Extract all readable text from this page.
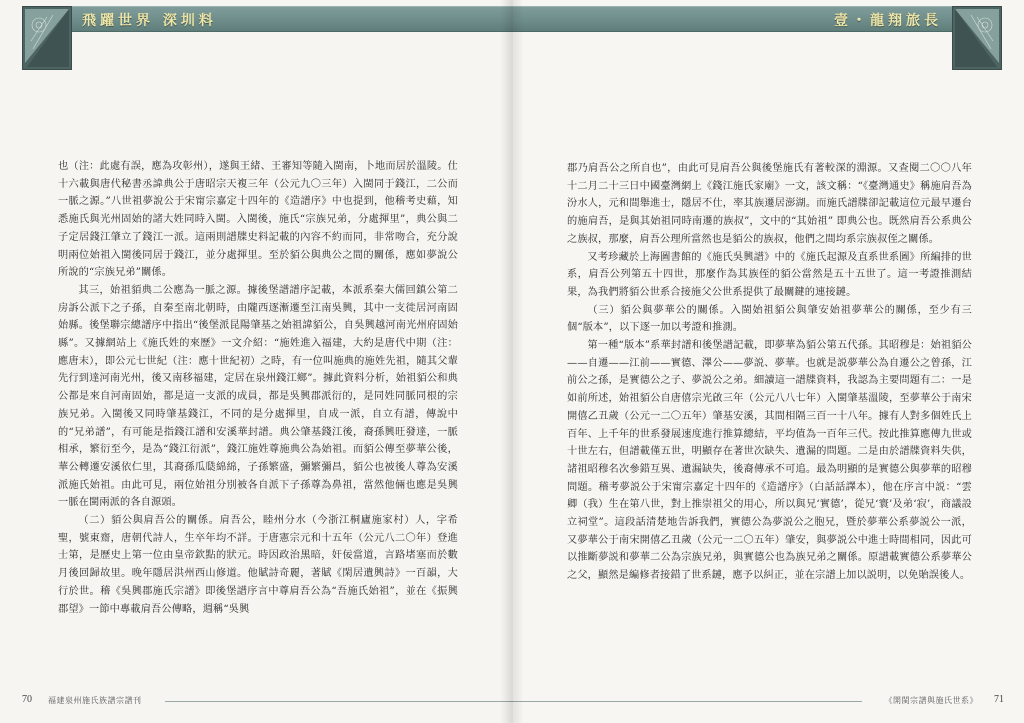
飛躍世界 深圳料

也（注：此處有誤，應為攻彰州），遂與王緒、王審知等隨入閩南，卜地而居於溫陵。仕十六載與唐代秘書丞諱典公于唐昭宗天複三年（公元九〇三年）入閩同于錢江，二公而一脈之源。”八世祖夢說公于宋甯宗嘉定十四年的《造譜序》中也提到，他稽考史藉，知悉施氏與光州固始的諸大姓同時入閩。入閩後，施氏“宗族兄弟，分處揮里”，典公與二子定居錢江肇立了錢江一派。這兩則譜牒史料記載的內容不約而同，非常吻合，充分說明兩位始祖入閩後同居于錢江，並分處揮里。至於貊公與典公之間的關係，應如夢說公所說的“宗族兄弟”關係。

其三，始祖貊典二公應為一脈之源。據後堡譜譜序記載，本派系秦大儒回鎮公第二房訴公派下之子孫，自秦至南北朝時，由隴西逐漸遷至江南吳興，其中一支徙居河南固始縣。後堡聯宗總譜序中指出“後堡派昆陽肇基之始祖諱貊公，自吳興越河南光州府固始縣”。又據網站上《施氏姓的來歷》一文介紹：“施姓進入福建，大約是唐代中期（注：應唐末），即公元七世紀（注：應十世紀初）之時，有一位叫施典的施姓先祖，隨其父輩先行到達河南光州，後又南移福建，定居在泉州錢江鄉”。據此資料分析，始祖貊公和典公都是來自河南固始，都是這一支派的成員，都是吳興郡派衍的，是同姓同脈同根的宗族兄弟。入閩後又同時肇基錢江，不同的是分處揮里，自成一派，自立有譜，傳說中的“兄弟譜”，有可能是指錢江譜和安溪華封譜。典公肇基錢江後，裔孫興旺發達，一脈相承，繁衍至今，是為“錢江衍派”，錢江施姓尊施典公為始祖。而貊公傳至夢華公後，華公轉遷安溪依仁里，其裔孫瓜瓞綿綿，子孫繁盛，彌繁彌昌，貊公也被後人尊為安溪派施氏始祖。由此可見，兩位始祖分別被各自派下子孫尊為鼻祖，當然他倆也應是吳興一脈在閩兩派的各自源頭。

（二）貊公與肩吾公的關係。肩吾公，睦州分水（今浙江桐廬施家村）人，字希聖，號東齋，唐朝代詩人，生卒年均不詳。于唐憲宗元和十五年（公元八二〇年）登進士第，是歷史上第一位由皇帝欽點的狀元。時因政治黑暗，奸佞當道，言路堵塞而於數月後回歸故里。晚年隱居洪州西山修道。他賦詩奇麗，著賦《閑居遺興詩》一百韻，大行於世。稽《吳興郡施氏宗譜》即後堡譜序言中尊肩吾公為“吾施氏始祖”，並在《振興郡望》一節中專載肩吾公傳略，週稱“吳興

70 福建泉州施氏族譜宗譜刊
壹・龍翔旅長

郡乃肩吾公之所自也”，由此可見肩吾公與後堡施氏有著較深的淵源。又查閱二〇〇八年十二月二十三日中國臺灣網上《錢江施氏家廟》一文，該文稱：“《臺灣通史》稱施肩吾為汾水人，元和間舉進士，隱居不仕，率其族遷居澎湖。而施氏譜牒卻記載這位元最早遷台的施肩吾，是與其始祖同時南遷的族叔”，文中的“其始祖” 即典公也。既然肩吾公系典公之族叔，那麼，肩吾公理所當然也是貊公的族叔，他們之間均系宗族叔侄之關係。

又考珍藏於上海圖書館的《施氏吳興譜》中的《施氏起源及直系世系圖》所編排的世系，肩吾公列第五十四世，那麼作為其族侄的貊公當然是五十五世了。這一考證推測結果，為我們將貊公世系合接施父公世系提供了最關鍵的連接鏈。

（三）貊公與夢華公的關係。入閩始祖貊公與肇安始祖夢華公的關係，至少有三個“版本”，以下逐一加以考證和推測。

第一種“版本”系華封譜和後堡譜記載，即夢華為貊公第五代孫。其昭穆是：始祖貊公——自遷——江前——實德、澤公——夢説、夢華。也就是説夢華公為自遷公之曾孫，江前公之孫，是實德公之子、夢説公之弟。細讀這一譜牒資料，我認為主要問題有二：一是如前所述，始祖貊公自唐僖宗光啟三年（公元八八七年）入閩肇基溫陵，至夢華公于南宋開僖乙丑歲（公元一二〇五年）肇基安溪，其間相隔三百一十八年。據有人對多個姓氏上百年、上千年的世系發展速度進行推算總結，平均值為一百年三代。按此推算應傳九世或十世左右，但譜載僅五世，明顯存在著世次缺失、遺漏的問題。二是由於譜牒資料失供，諸祖昭穆名次參錯互異、遺漏缺失，後裔傳承不可追。最為明顯的是實德公與夢華的昭穆問題。稽考夢説公于宋甯宗嘉定十四年的《造譜序》（白話話譯本），他在序言中説：“雲卿（我）生在第八世，對上推崇祖父的用心，所以與兄‘實德’，從兄‘寰’及弟‘寂’，商議設立祠堂”。這段話清楚地告訴我們，實德公為夢説公之胞兄，暨於夢華公系夢説公一派，又夢華公于南宋開僖乙丑歲（公元一二〇五年）肇安，與夢説公中進士時間相同，因此可以推斷夢説和夢華二公為宗族兄弟，與實德公也為族兄弟之關係。原譜載實德公系夢華公之父，顯然是編修者接錯了世系鏈，應予以糾正，並在宗譜上加以説明，以免貽誤後人。

《開閩宗譜與施氏世系》 71
